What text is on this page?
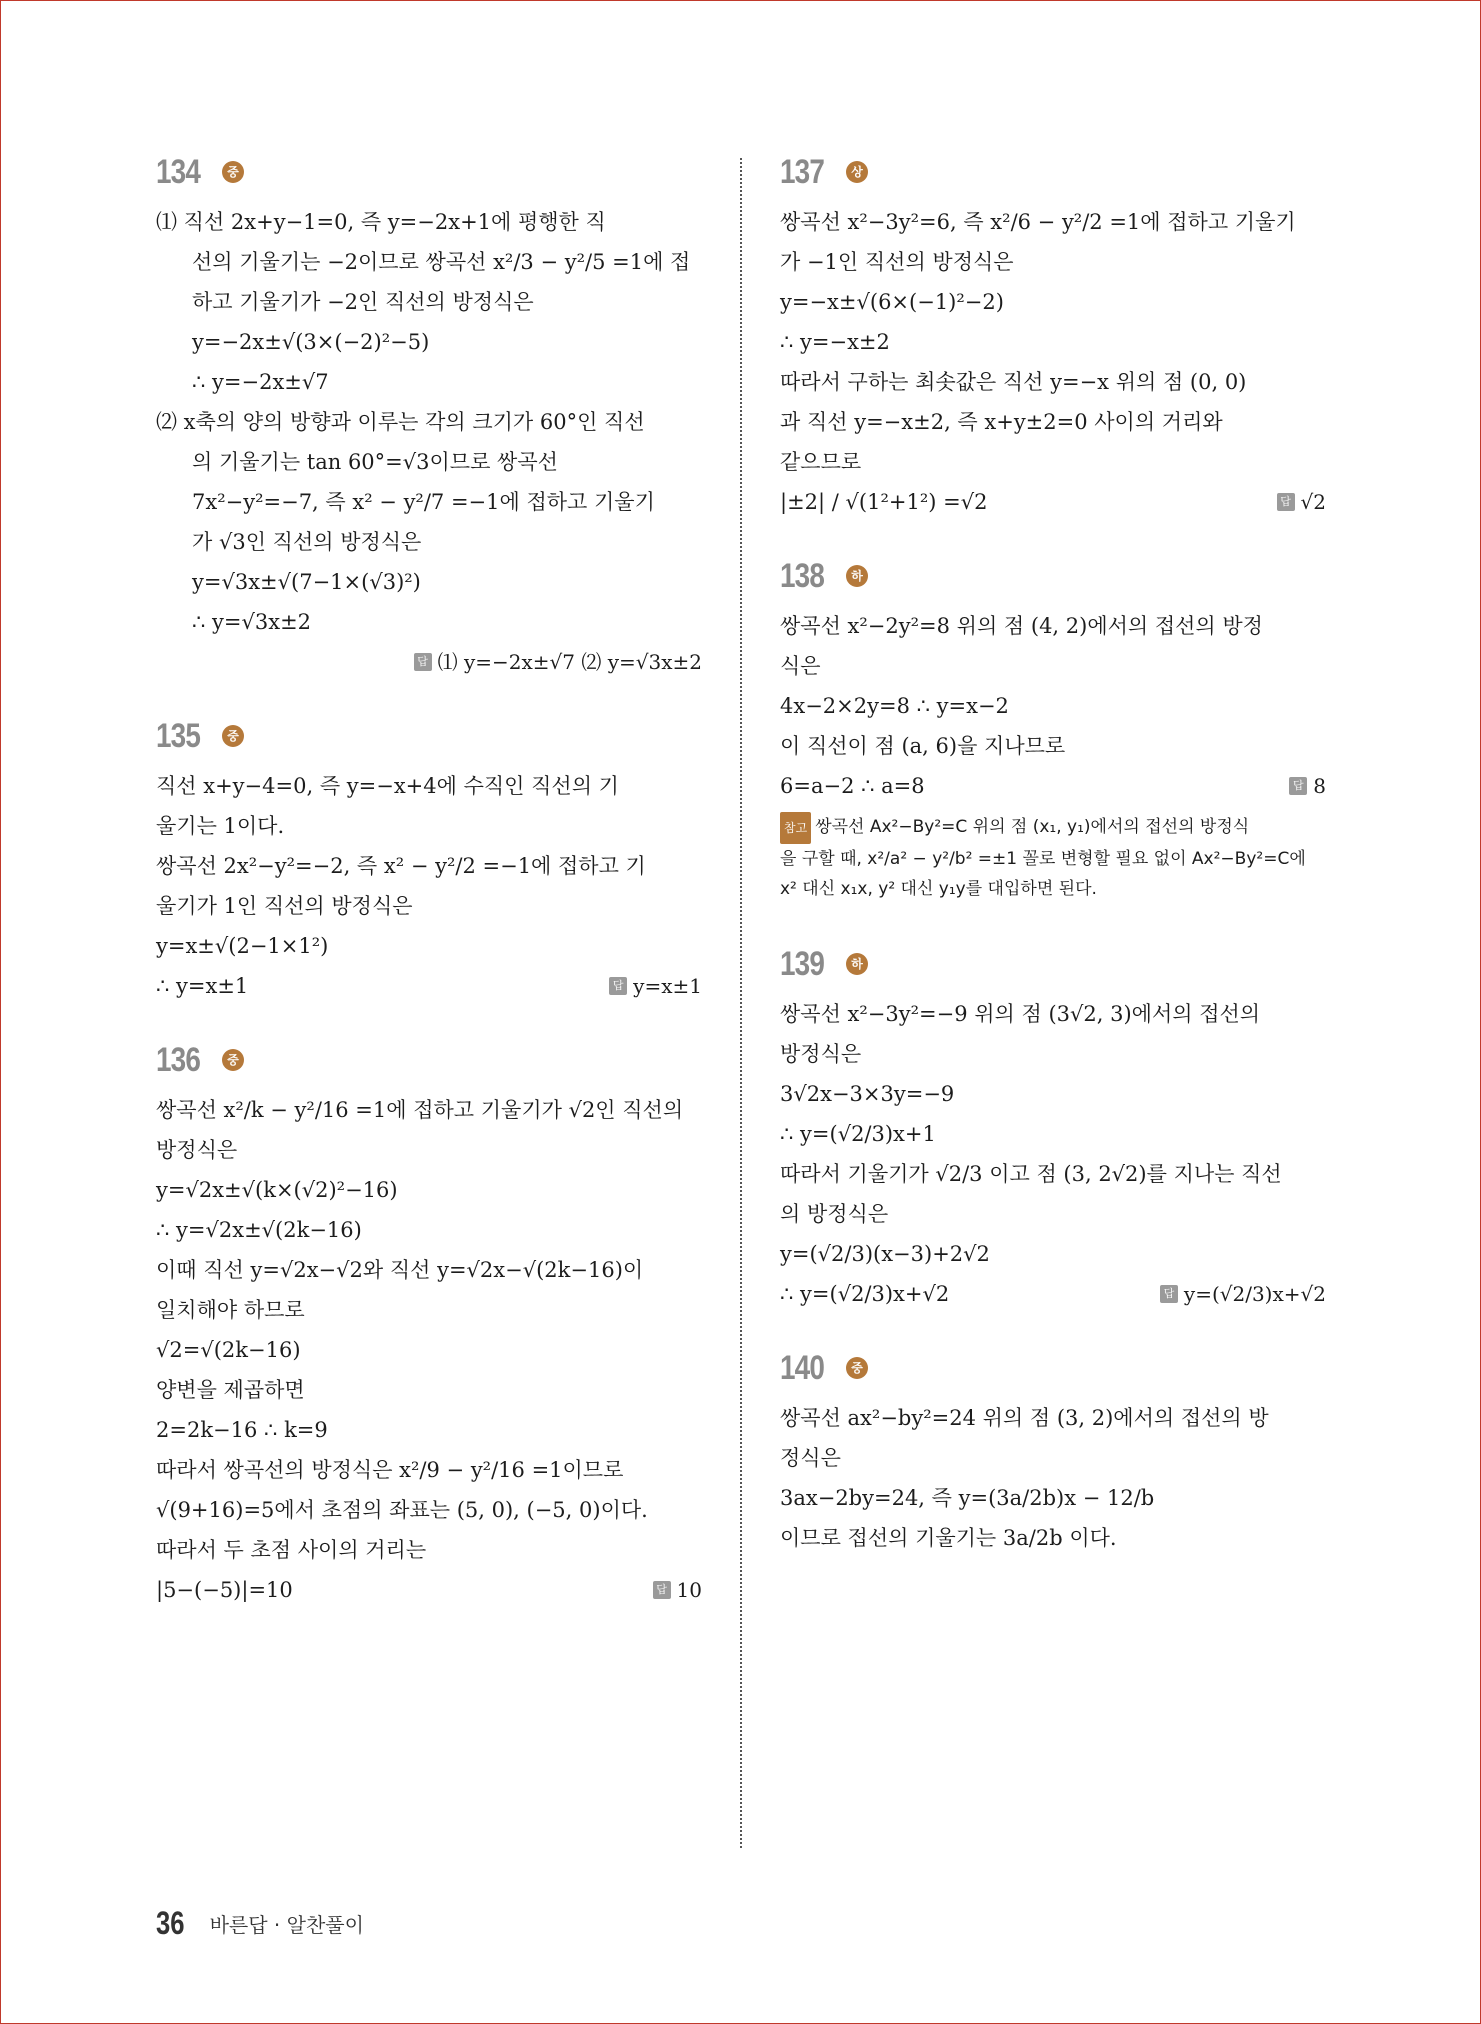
134	중
⑴ 직선 2x+y−1=0, 즉 y=−2x+1에 평행한 직
선의 기울기는 −2이므로 쌍곡선 x²/3 − y²/5 =1에 접
하고 기울기가 −2인 직선의 방정식은
y=−2x±√(3×(−2)²−5)
∴ y=−2x±√7
⑵ x축의 양의 방향과 이루는 각의 크기가 60°인 직선
의 기울기는 tan 60°=√3이므로 쌍곡선
7x²−y²=−7, 즉 x² − y²/7 =−1에 접하고 기울기
가 √3인 직선의 방정식은
y=√3x±√(7−1×(√3)²)
∴ y=√3x±2
답 ⑴ y=−2x±√7 ⑵ y=√3x±2
135	중
직선 x+y−4=0, 즉 y=−x+4에 수직인 직선의 기
울기는 1이다.
쌍곡선 2x²−y²=−2, 즉 x² − y²/2 =−1에 접하고 기
울기가 1인 직선의 방정식은
y=x±√(2−1×1²)
∴ y=x±1	답 y=x±1
136	중
쌍곡선 x²/k − y²/16 =1에 접하고 기울기가 √2인 직선의
방정식은
y=√2x±√(k×(√2)²−16)
∴ y=√2x±√(2k−16)
이때 직선 y=√2x−√2와 직선 y=√2x−√(2k−16)이
일치해야 하므로
√2=√(2k−16)
양변을 제곱하면
2=2k−16 ∴ k=9
따라서 쌍곡선의 방정식은 x²/9 − y²/16 =1이므로
√(9+16)=5에서 초점의 좌표는 (5, 0), (−5, 0)이다.
따라서 두 초점 사이의 거리는
|5−(−5)|=10	답 10
137	상
쌍곡선 x²−3y²=6, 즉 x²/6 − y²/2 =1에 접하고 기울기
가 −1인 직선의 방정식은
y=−x±√(6×(−1)²−2)
∴ y=−x±2
따라서 구하는 최솟값은 직선 y=−x 위의 점 (0, 0)
과 직선 y=−x±2, 즉 x+y±2=0 사이의 거리와
같으므로
|±2| / √(1²+1²) =√2	답 √2
138	하
쌍곡선 x²−2y²=8 위의 점 (4, 2)에서의 접선의 방정
식은
4x−2×2y=8 ∴ y=x−2
이 직선이 점 (a, 6)을 지나므로
6=a−2 ∴ a=8	답 8
참고 쌍곡선 Ax²−By²=C 위의 점 (x₁, y₁)에서의 접선의 방정식
을 구할 때, x²/a² − y²/b² =±1 꼴로 변형할 필요 없이 Ax²−By²=C에
x² 대신 x₁x, y² 대신 y₁y를 대입하면 된다.
139	하
쌍곡선 x²−3y²=−9 위의 점 (3√2, 3)에서의 접선의
방정식은
3√2x−3×3y=−9
∴ y=(√2/3)x+1
따라서 기울기가 √2/3 이고 점 (3, 2√2)를 지나는 직선
의 방정식은
y=(√2/3)(x−3)+2√2
∴ y=(√2/3)x+√2	답 y=(√2/3)x+√2
140	중
쌍곡선 ax²−by²=24 위의 점 (3, 2)에서의 접선의 방
정식은
3ax−2by=24, 즉 y=(3a/2b)x − 12/b
이므로 접선의 기울기는 3a/2b 이다.
36 바른답 · 알찬풀이
